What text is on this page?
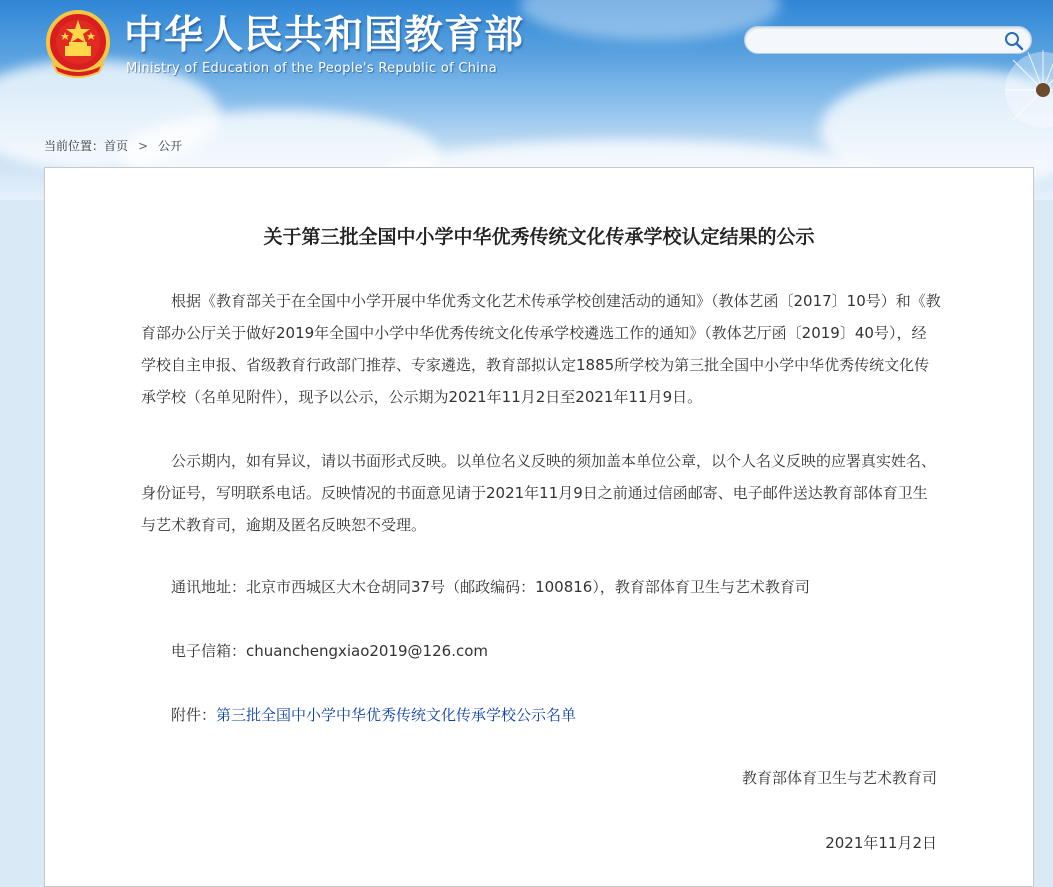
中华人民共和国教育部
Ministry of Education of the People's Republic of China
当前位置：首页 > 公开
关于第三批全国中小学中华优秀传统文化传承学校认定结果的公示

根据《教育部关于在全国中小学开展中华优秀文化艺术传承学校创建活动的通知》（教体艺函〔2017〕10号）和《教育部办公厅关于做好2019年全国中小学中华优秀传统文化传承学校遴选工作的通知》（教体艺厅函〔2019〕40号），经学校自主申报、省级教育行政部门推荐、专家遴选，教育部拟认定1885所学校为第三批全国中小学中华优秀传统文化传承学校（名单见附件），现予以公示，公示期为2021年11月2日至2021年11月9日。

公示期内，如有异议，请以书面形式反映。以单位名义反映的须加盖本单位公章，以个人名义反映的应署真实姓名、身份证号，写明联系电话。反映情况的书面意见请于2021年11月9日之前通过信函邮寄、电子邮件送达教育部体育卫生与艺术教育司，逾期及匿名反映恕不受理。

通讯地址：北京市西城区大木仓胡同37号（邮政编码：100816），教育部体育卫生与艺术教育司

电子信箱：chuanchengxiao2019@126.com

附件：第三批全国中小学中华优秀传统文化传承学校公示名单

教育部体育卫生与艺术教育司
2021年11月2日
